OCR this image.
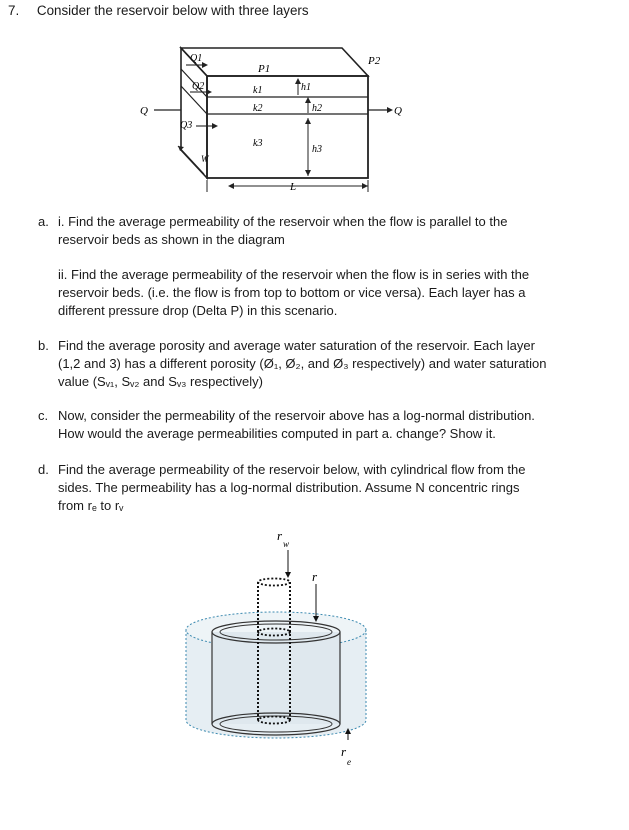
7. Consider the reservoir below with three layers
Q	Q
Q1
Q2
Q3
P1
P2
k1
k2
k3
h1
h2
h3
W
L
a. i. Find the average permeability of the reservoir when the flow is parallel to the
reservoir beds as shown in the diagram
ii. Find the average permeability of the reservoir when the flow is in series with the
reservoir beds. (i.e. the flow is from top to bottom or vice versa). Each layer has a
different pressure drop (Delta P) in this scenario.
b. Find the average porosity and average water saturation of the reservoir. Each layer
(1,2 and 3) has a different porosity (Ø₁, Ø₂, and Ø₃ respectively) and water saturation
value (Sᵥ₁, Sᵥ₂ and Sᵥ₃ respectively)
c. Now, consider the permeability of the reservoir above has a log-normal distribution.
How would the average permeabilities computed in part a. change? Show it.
d. Find the average permeability of the reservoir below, with cylindrical flow from the
sides. The permeability has a log-normal distribution. Assume N concentric rings
from rₑ to rᵥ
r
w
r
r
e
